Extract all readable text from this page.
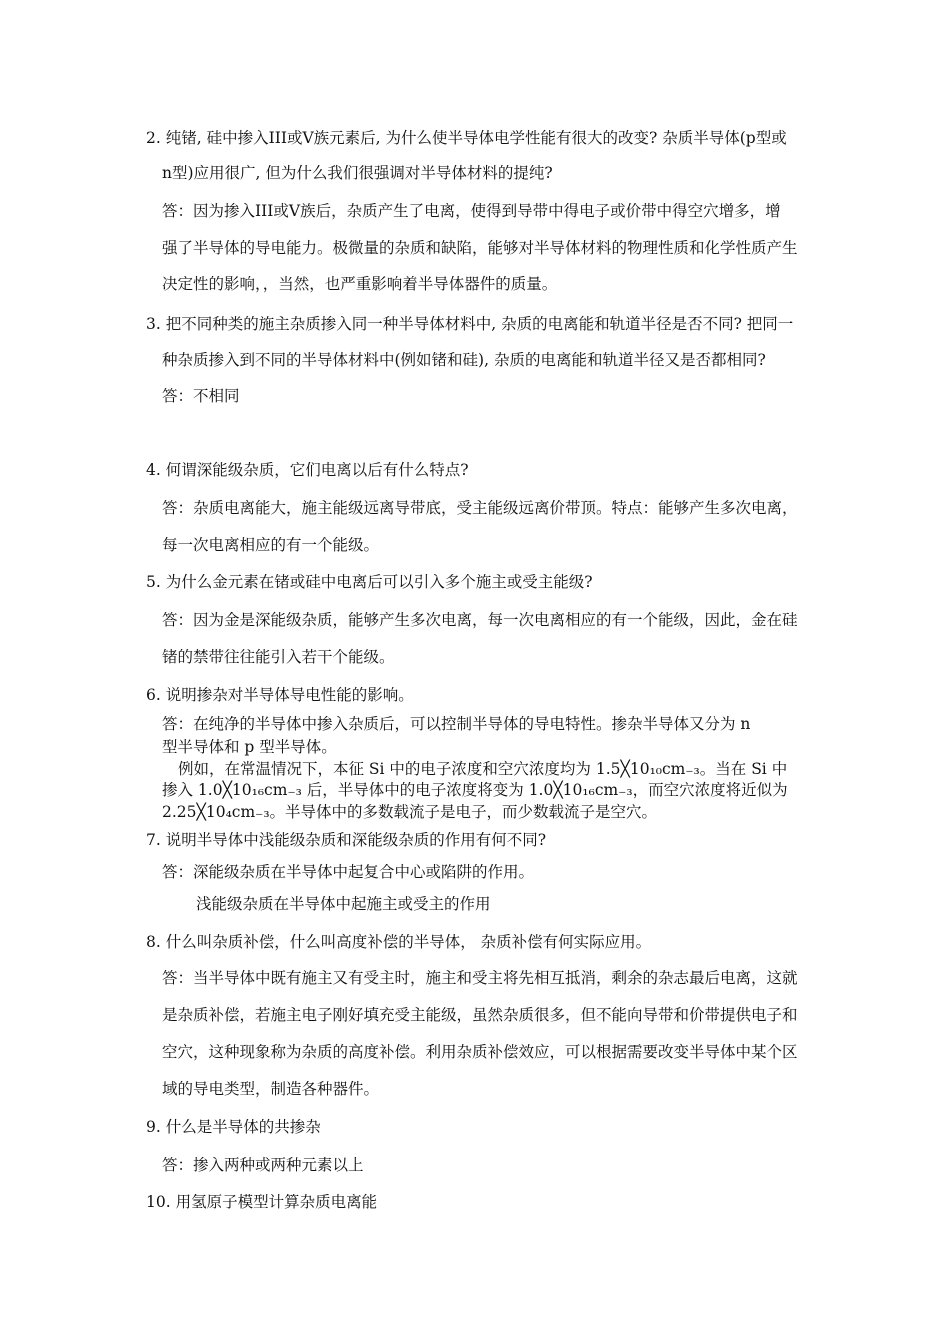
2. 纯锗, 硅中掺入III或V族元素后, 为什么使半导体电学性能有很大的改变? 杂质半导体(p型或
n型)应用很广, 但为什么我们很强调对半导体材料的提纯?
答：因为掺入III或V族后，杂质产生了电离，使得到导带中得电子或价带中得空穴增多，增
强了半导体的导电能力。极微量的杂质和缺陷，能够对半导体材料的物理性质和化学性质产生
决定性的影响，，当然，也严重影响着半导体器件的质量。
3. 把不同种类的施主杂质掺入同一种半导体材料中, 杂质的电离能和轨道半径是否不同? 把同一
种杂质掺入到不同的半导体材料中(例如锗和硅), 杂质的电离能和轨道半径又是否都相同?
答：不相同
4. 何谓深能级杂质，它们电离以后有什么特点?
答：杂质电离能大，施主能级远离导带底，受主能级远离价带顶。特点：能够产生多次电离，
每一次电离相应的有一个能级。
5. 为什么金元素在锗或硅中电离后可以引入多个施主或受主能级?
答：因为金是深能级杂质，能够产生多次电离，每一次电离相应的有一个能级，因此，金在硅
锗的禁带往往能引入若干个能级。
6. 说明掺杂对半导体导电性能的影响。
答：在纯净的半导体中掺入杂质后，可以控制半导体的导电特性。掺杂半导体又分为 n
型半导体和 p 型半导体。
例如，在常温情况下，本征 Si 中的电子浓度和空穴浓度均为 1.5╳10₁₀cm₋₃。当在 Si 中
掺入 1.0╳10₁₆cm₋₃ 后，半导体中的电子浓度将变为 1.0╳10₁₆cm₋₃，而空穴浓度将近似为
2.25╳10₄cm₋₃。半导体中的多数载流子是电子，而少数载流子是空穴。
7. 说明半导体中浅能级杂质和深能级杂质的作用有何不同?
答：深能级杂质在半导体中起复合中心或陷阱的作用。
浅能级杂质在半导体中起施主或受主的作用
8. 什么叫杂质补偿，什么叫高度补偿的半导体， 杂质补偿有何实际应用。
答：当半导体中既有施主又有受主时，施主和受主将先相互抵消，剩余的杂志最后电离，这就
是杂质补偿，若施主电子刚好填充受主能级，虽然杂质很多，但不能向导带和价带提供电子和
空穴，这种现象称为杂质的高度补偿。利用杂质补偿效应，可以根据需要改变半导体中某个区
域的导电类型，制造各种器件。
9. 什么是半导体的共掺杂
答：掺入两种或两种元素以上
10. 用氢原子模型计算杂质电离能
